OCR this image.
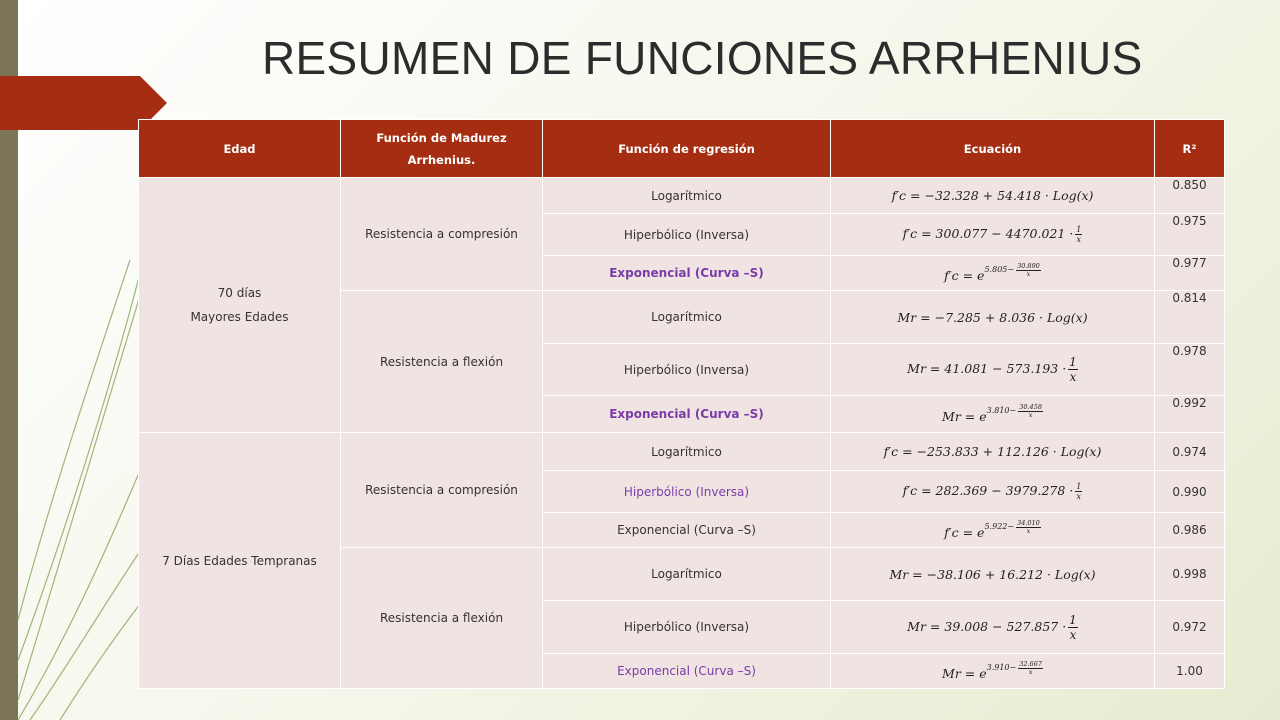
RESUMEN DE FUNCIONES ARRHENIUS
Edad	Función de Madurez Arrhenius.	Función de regresión	Ecuación	R²

70 días
Mayores Edades	Resistencia a compresión	Logarítmico	f′c = −32.328 + 54.418 · Log(x)	0.850
		Hiperbólico (Inversa)	$f'c = 300.077 - 4470.021 \cdot \frac{1}{x}$	0.975
		Exponencial (Curva –S)	$f'c = e^{5.805- \frac{30.890}{x}}$	0.977
	Resistencia a flexión	Logarítmico	Mr = −7.285 + 8.036 · Log(x)	0.814
		Hiperbólico (Inversa)	$Mr = 41.081 - 573.193 \cdot \frac{1}{x}$	0.978
		Exponencial (Curva –S)	$Mr = e^{3.810- \frac{30.458}{x}}$	0.992

7 Días Edades Tempranas	Resistencia a compresión	Logarítmico	f′c = −253.833 + 112.126 · Log(x)	0.974
		Hiperbólico (Inversa)	$f'c = 282.369 - 3979.278 \cdot \frac{1}{x}$	0.990
		Exponencial (Curva –S)	$f'c = e^{5.922- \frac{34.010}{x}}$	0.986
	Resistencia a flexión	Logarítmico	Mr = −38.106 + 16.212 · Log(x)	0.998
		Hiperbólico (Inversa)	$Mr = 39.008 - 527.857 \cdot \frac{1}{x}$	0.972
		Exponencial (Curva –S)	$Mr = e^{3.910- \frac{32.667}{x}}$	1.00
